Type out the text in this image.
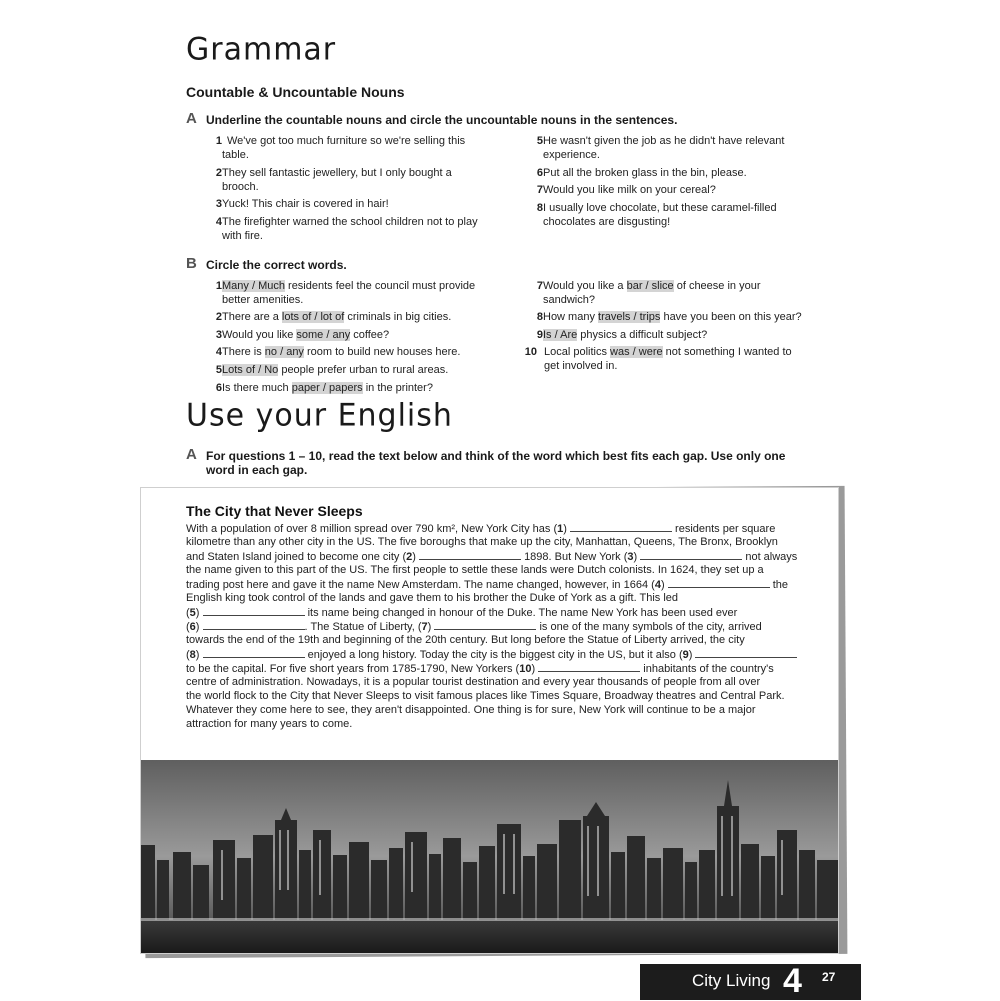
Grammar
Countable & Uncountable Nouns
A Underline the countable nouns and circle the uncountable nouns in the sentences.
1 We've got too much furniture so we're selling this
table.
2 They sell fantastic jewellery, but I only bought a
brooch.
3 Yuck! This chair is covered in hair!
4 The firefighter warned the school children not to play
with fire.
5 He wasn't given the job as he didn't have relevant
experience.
6 Put all the broken glass in the bin, please.
7 Would you like milk on your cereal?
8 I usually love chocolate, but these caramel-filled
chocolates are disgusting!
B Circle the correct words.
1 Many / Much residents feel the council must provide
better amenities.
2 There are a lots of / lot of criminals in big cities.
3 Would you like some / any coffee?
4 There is no / any room to build new houses here.
5 Lots of / No people prefer urban to rural areas.
6 Is there much paper / papers in the printer?
7 Would you like a bar / slice of cheese in your
sandwich?
8 How many travels / trips have you been on this year?
9 Is / Are physics a difficult subject?
10 Local politics was / were not something I wanted to
get involved in.
Use your English
A For questions 1 – 10, read the text below and think of the word which best fits each gap. Use only one
word in each gap.
The City that Never Sleeps
With a population of over 8 million spread over 790 km², New York City has (1)	residents per square
kilometre than any other city in the US. The five boroughs that make up the city, Manhattan, Queens, The Bronx, Brooklyn
and Staten Island joined to become one city (2)	1898. But New York (3)	not always
the name given to this part of the US. The first people to settle these lands were Dutch colonists. In 1624, they set up a
trading post here and gave it the name New Amsterdam. The name changed, however, in 1664 (4)	the
English king took control of the lands and gave them to his brother the Duke of York as a gift. This led
(5)	its name being changed in honour of the Duke. The name New York has been used ever
(6)	. The Statue of Liberty, (7)	is one of the many symbols of the city, arrived
towards the end of the 19th and beginning of the 20th century. But long before the Statue of Liberty arrived, the city
(8)	enjoyed a long history. Today the city is the biggest city in the US, but it also (9)
to be the capital. For five short years from 1785-1790, New Yorkers (10)	inhabitants of the country's
centre of administration. Nowadays, it is a popular tourist destination and every year thousands of people from all over
the world flock to the City that Never Sleeps to visit famous places like Times Square, Broadway theatres and Central Park.
Whatever they come here to see, they aren't disappointed. One thing is for sure, New York will continue to be a major
attraction for many years to come.
City Living 4 27
